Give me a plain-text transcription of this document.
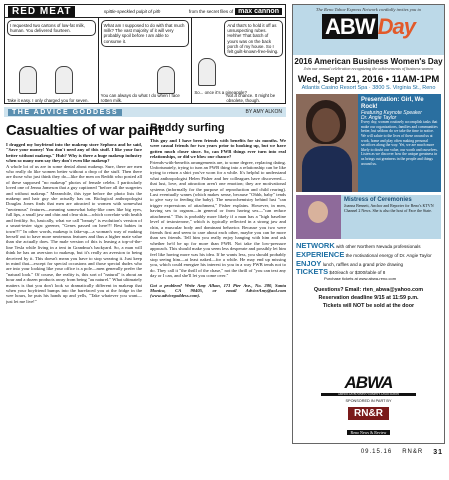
RED MEAT	spittle-speckled pulpit of pith	from the secret files of max cannon
I requested two cartons of low-fat milk, human. You delivered fourteen.
Take it easy. I only charged you for seven.
What am I supposed to do with that much milk? The vast majority of it will very probably spoil before I am able to consume it.
You can always do what I do when I face rotten milk.
And that's to hold it off as unsuspecting rubes. Hehhe! That batch of yours was on the back porch of my house. So I felt guilt-known-free-living.
So... once it's a pineapple?
Not a chance. It might be obsolete, though.
THE ADVICE GODDESS	BY AMY ALKON
Casualties of war paint
Buddy surfing

I dragged my boyfriend into the makeup store Sephora and he said, "Save your money! You don't need any of this stuff. I like your face better without makeup." Huh? Why is there a huge makeup industry when so many men say they don't even like makeup?

A whole lot of us are in some denial about makeup. Sure, there are men who really do like women better without a drop of the stuff. Then there are those who just think they do—like the men on Reddit who posted all of these supposed "no makeup" photos of female celebs. I particularly loved one of Jenna Jameson that a guy captioned "before all the surgeries and without makeup." Meanwhile, this type before the photo lists the makeup and hair guy she actually has on. Biological anthropologist Douglas Jones finds that men are attracted to women with somewhat "neotenous" features—meaning somewhat baby-like ones like big eyes, full lips, a small jaw and chin and clear skin—which correlate with health and fertility. So, basically, what we call "beauty" is evolution's version of a smart-tester sign: greener, "Genes passed on here!!! Best babies in town!!!" In other words, makeup is fake-up—a woman's way of making herself out to have more neotenous features and thus a higher mate value than she actually does. The male version of this is leasing a top-of-the-line Tesla while living in a tent in Grandma's backyard. So, a man will think he has an aversion to makeup, but it's really an aversion to being deceived by it. This doesn't mean you have to stop wearing it. Just keep in mind that—except for special occasions and those special dudes who are into your looking like your office is a pole—men generally prefer the "natural look." Of course, the reality is, this sort of "natural" is about an hour and a dozen products away from being "au naturel." What ultimately matters is that you don't look so dramatically different in makeup that when your boyfriend bumps into the barefaced you at the fridge in the wee hours, he puts his hands up and yells, "Take whatever you want—just let me live!"

This guy and I have been friends with benefits for six months. We were casual friends for two years prior to hooking up, but we have gotten much closer since. So, can FWB things ever turn into real relationships, or did we blow our chance?

Friends-with-benefits arrangements are, to some degree, replacing dating. Unfortunately, trying to turn an FWB thing into a relationship can be like trying to return a shirt you've worn for a while. It's helpful to understand what anthropologist Helen Fisher and her colleagues have discovered—that lust, love, and attraction aren't one emotion; they are motivational systems (informally for the purpose of reproduction and child rearing). Lust eventually wanes (which makes sense, because "Ohhh, baby" tends to give way to feeding the baby). The neurochemistry behind lust "can trigger expressions of attachment," Fisher explains. However, in men, having sex to orgasm—in general or from having sex—"can reduce attachment." This is probably more likely if a man has a "high baseline level of testosterone," which is typically reflected in a strong jaw and chin, a muscular body and dominant behavior. Because you two were friends first and seem to care about each other, maybe you can be more than sex friends. Tell him you really enjoy hanging with him and ask whether he'd be up for more than FWB. Not take the low-pressure approach. This should make you seem less desperate and possibly let him feel like having more was his idea. If he wants less, you should probably stop seeing him—at least naked—for a while. He may end up missing you, which could energize his interest in you in a way FWB tends not to do. They call it "the thrill of the chase," not the thrill of "you can text any day or I can, and she'll let you come over."

Got a problem? Write Amy Alkon, 171 Pier Ave., No. 280, Santa Monica, CA 90405, or email AdviceAmy@aol.com (www.advicegoddess.com).

The Reno Tahoe Express Network cordially invites you to
ABW Day
2016 American Business Women's Day
Join our annual celebration recognizing the achievements of business women
Wed, Sept 21, 2016 • 11AM-1PM
Atlantis Casino Resort Spa · 3800 S. Virginia St., Reno
Presentation: Girl, We Rock!
Featuring Keynote Speaker
Dr. Angie Taylor
Every day, women routinely accomplish tasks that make our organizations, families and communities better, but seldom do we take the time to notice. We will salute to the lives of these around us at work, home and play often making personal sacrifices along the way. Yet, we are much more likely to doubt our value, our worth and ourselves. Listen as we discover how the unique greatness in us brings out greatness in the people and things around us.
Mistress of Ceremonies
Joanna Bennett, Anchor and Reporter for Reno's KTVN Channel 2 News. She is also the host of Face the State.
NETWORK with other Northern Nevada professionals
EXPERIENCE the motivational energy of Dr. Angie Taylor
ENJOY lunch, raffles and a grand prize drawing
TICKETS $40/each or $300/table of 8
Purchase tickets at www.abwa-reno.com
Questions? Email: rten_abwa@yahoo.com
Reservation deadline 9/15 at 11:59 p.m.
Tickets will NOT be sold at the door
ABWA
AMERICAN BUSINESS WOMEN'S ASSOCIATION
SPONSORED IN PART BY
RN&R
Reno News & Review
09.15.16 RN&R 31
